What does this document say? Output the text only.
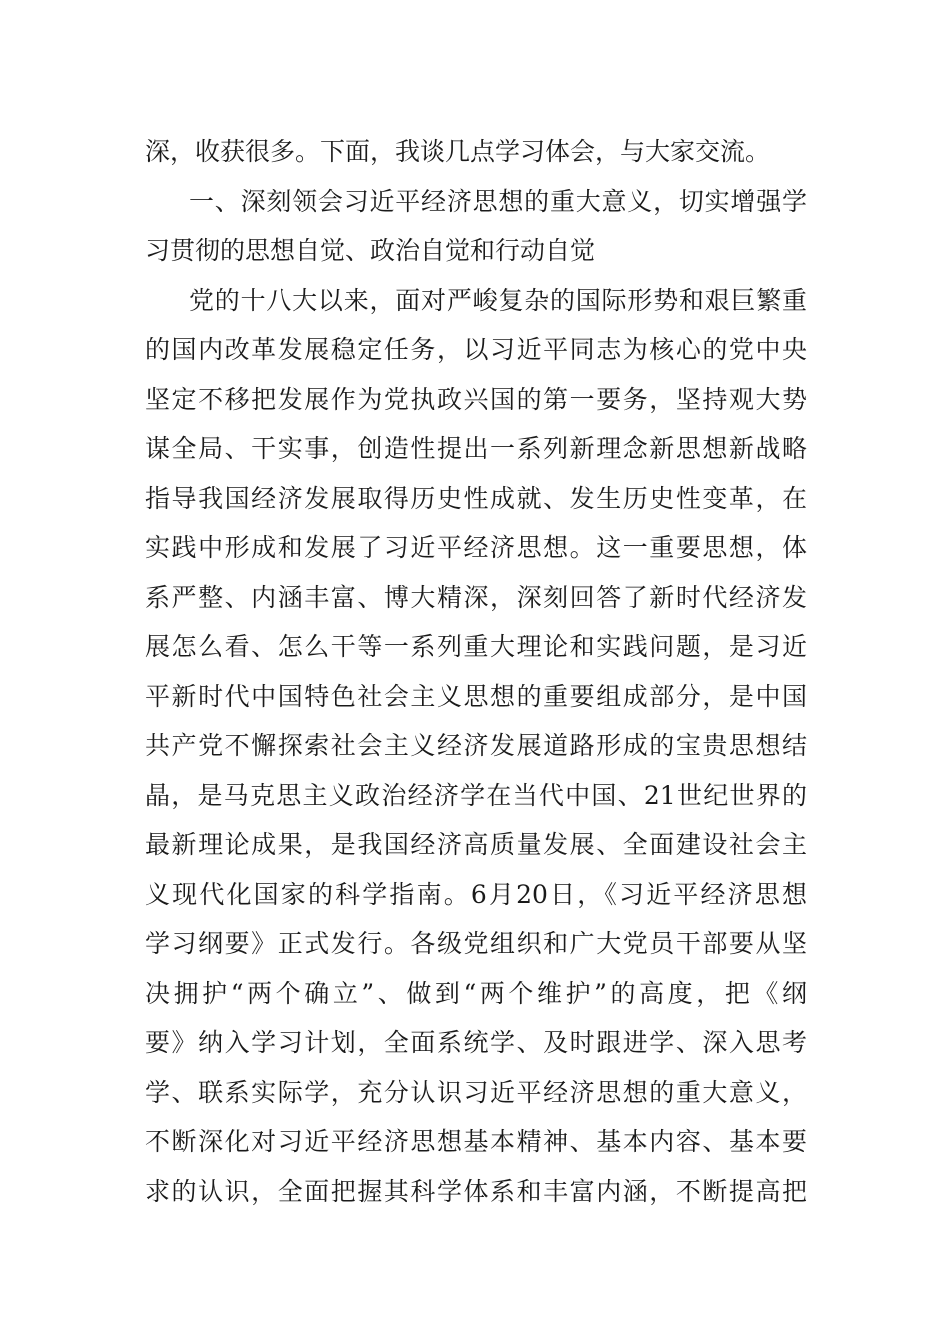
深，收获很多。下面，我谈几点学习体会，与大家交流。
一、深刻领会习近平经济思想的重大意义，切实增强学
习贯彻的思想自觉、政治自觉和行动自觉
党的十八大以来，面对严峻复杂的国际形势和艰巨繁重
的国内改革发展稳定任务，以习近平同志为核心的党中央
坚定不移把发展作为党执政兴国的第一要务，坚持观大势
谋全局、干实事，创造性提出一系列新理念新思想新战略
指导我国经济发展取得历史性成就、发生历史性变革，在
实践中形成和发展了习近平经济思想。这一重要思想，体
系严整、内涵丰富、博大精深，深刻回答了新时代经济发
展怎么看、怎么干等一系列重大理论和实践问题，是习近
平新时代中国特色社会主义思想的重要组成部分，是中国
共产党不懈探索社会主义经济发展道路形成的宝贵思想结
晶，是马克思主义政治经济学在当代中国、21世纪世界的
最新理论成果，是我国经济高质量发展、全面建设社会主
义现代化国家的科学指南。6月20日，《习近平经济思想
学习纲要》正式发行。各级党组织和广大党员干部要从坚
决拥护“两个确立”、做到“两个维护”的高度，把《纲
要》纳入学习计划，全面系统学、及时跟进学、深入思考
学、联系实际学，充分认识习近平经济思想的重大意义，
不断深化对习近平经济思想基本精神、基本内容、基本要
求的认识，全面把握其科学体系和丰富内涵，不断提高把
